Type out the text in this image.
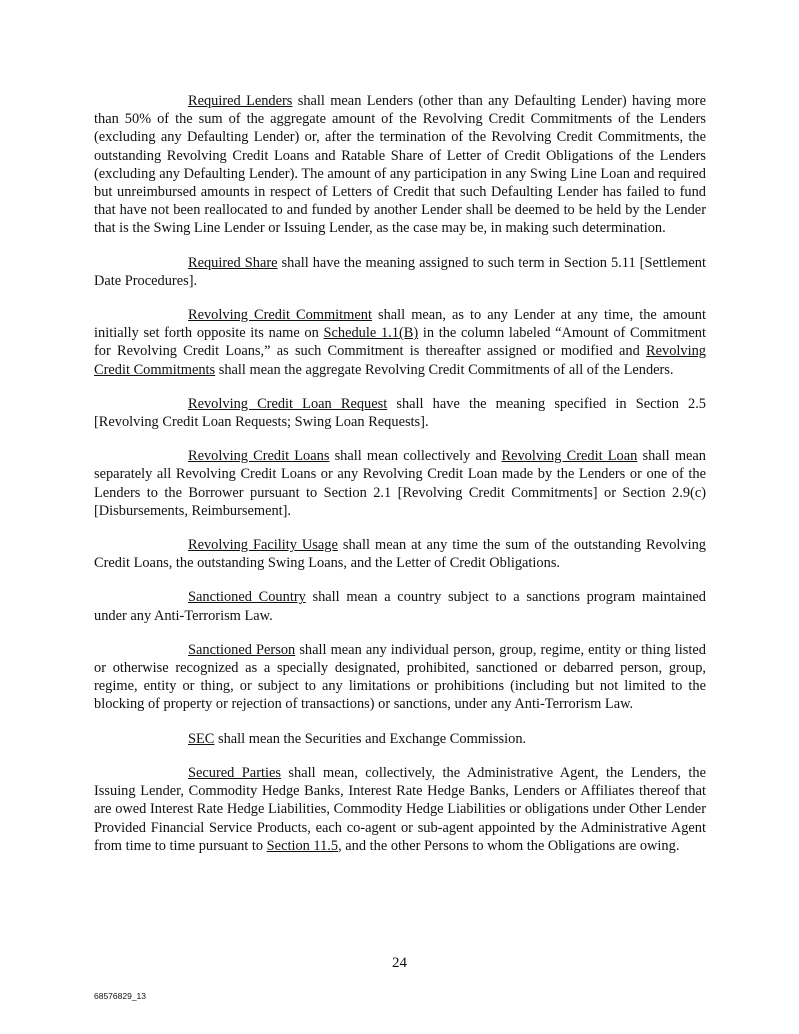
Required Lenders shall mean Lenders (other than any Defaulting Lender) having more than 50% of the sum of the aggregate amount of the Revolving Credit Commitments of the Lenders (excluding any Defaulting Lender) or, after the termination of the Revolving Credit Commitments, the outstanding Revolving Credit Loans and Ratable Share of Letter of Credit Obligations of the Lenders (excluding any Defaulting Lender). The amount of any participation in any Swing Line Loan and required but unreimbursed amounts in respect of Letters of Credit that such Defaulting Lender has failed to fund that have not been reallocated to and funded by another Lender shall be deemed to be held by the Lender that is the Swing Line Lender or Issuing Lender, as the case may be, in making such determination.

Required Share shall have the meaning assigned to such term in Section 5.11 [Settlement Date Procedures].

Revolving Credit Commitment shall mean, as to any Lender at any time, the amount initially set forth opposite its name on Schedule 1.1(B) in the column labeled “Amount of Commitment for Revolving Credit Loans,” as such Commitment is thereafter assigned or modified and Revolving Credit Commitments shall mean the aggregate Revolving Credit Commitments of all of the Lenders.

Revolving Credit Loan Request shall have the meaning specified in Section 2.5 [Revolving Credit Loan Requests; Swing Loan Requests].

Revolving Credit Loans shall mean collectively and Revolving Credit Loan shall mean separately all Revolving Credit Loans or any Revolving Credit Loan made by the Lenders or one of the Lenders to the Borrower pursuant to Section 2.1 [Revolving Credit Commitments] or Section 2.9(c) [Disbursements, Reimbursement].

Revolving Facility Usage shall mean at any time the sum of the outstanding Revolving Credit Loans, the outstanding Swing Loans, and the Letter of Credit Obligations.

Sanctioned Country shall mean a country subject to a sanctions program maintained under any Anti-Terrorism Law.

Sanctioned Person shall mean any individual person, group, regime, entity or thing listed or otherwise recognized as a specially designated, prohibited, sanctioned or debarred person, group, regime, entity or thing, or subject to any limitations or prohibitions (including but not limited to the blocking of property or rejection of transactions) or sanctions, under any Anti-Terrorism Law.

SEC shall mean the Securities and Exchange Commission.

Secured Parties shall mean, collectively, the Administrative Agent, the Lenders, the Issuing Lender, Commodity Hedge Banks, Interest Rate Hedge Banks, Lenders or Affiliates thereof that are owed Interest Rate Hedge Liabilities, Commodity Hedge Liabilities or obligations under Other Lender Provided Financial Service Products, each co-agent or sub-agent appointed by the Administrative Agent from time to time pursuant to Section 11.5, and the other Persons to whom the Obligations are owing.

24
68576829_13
